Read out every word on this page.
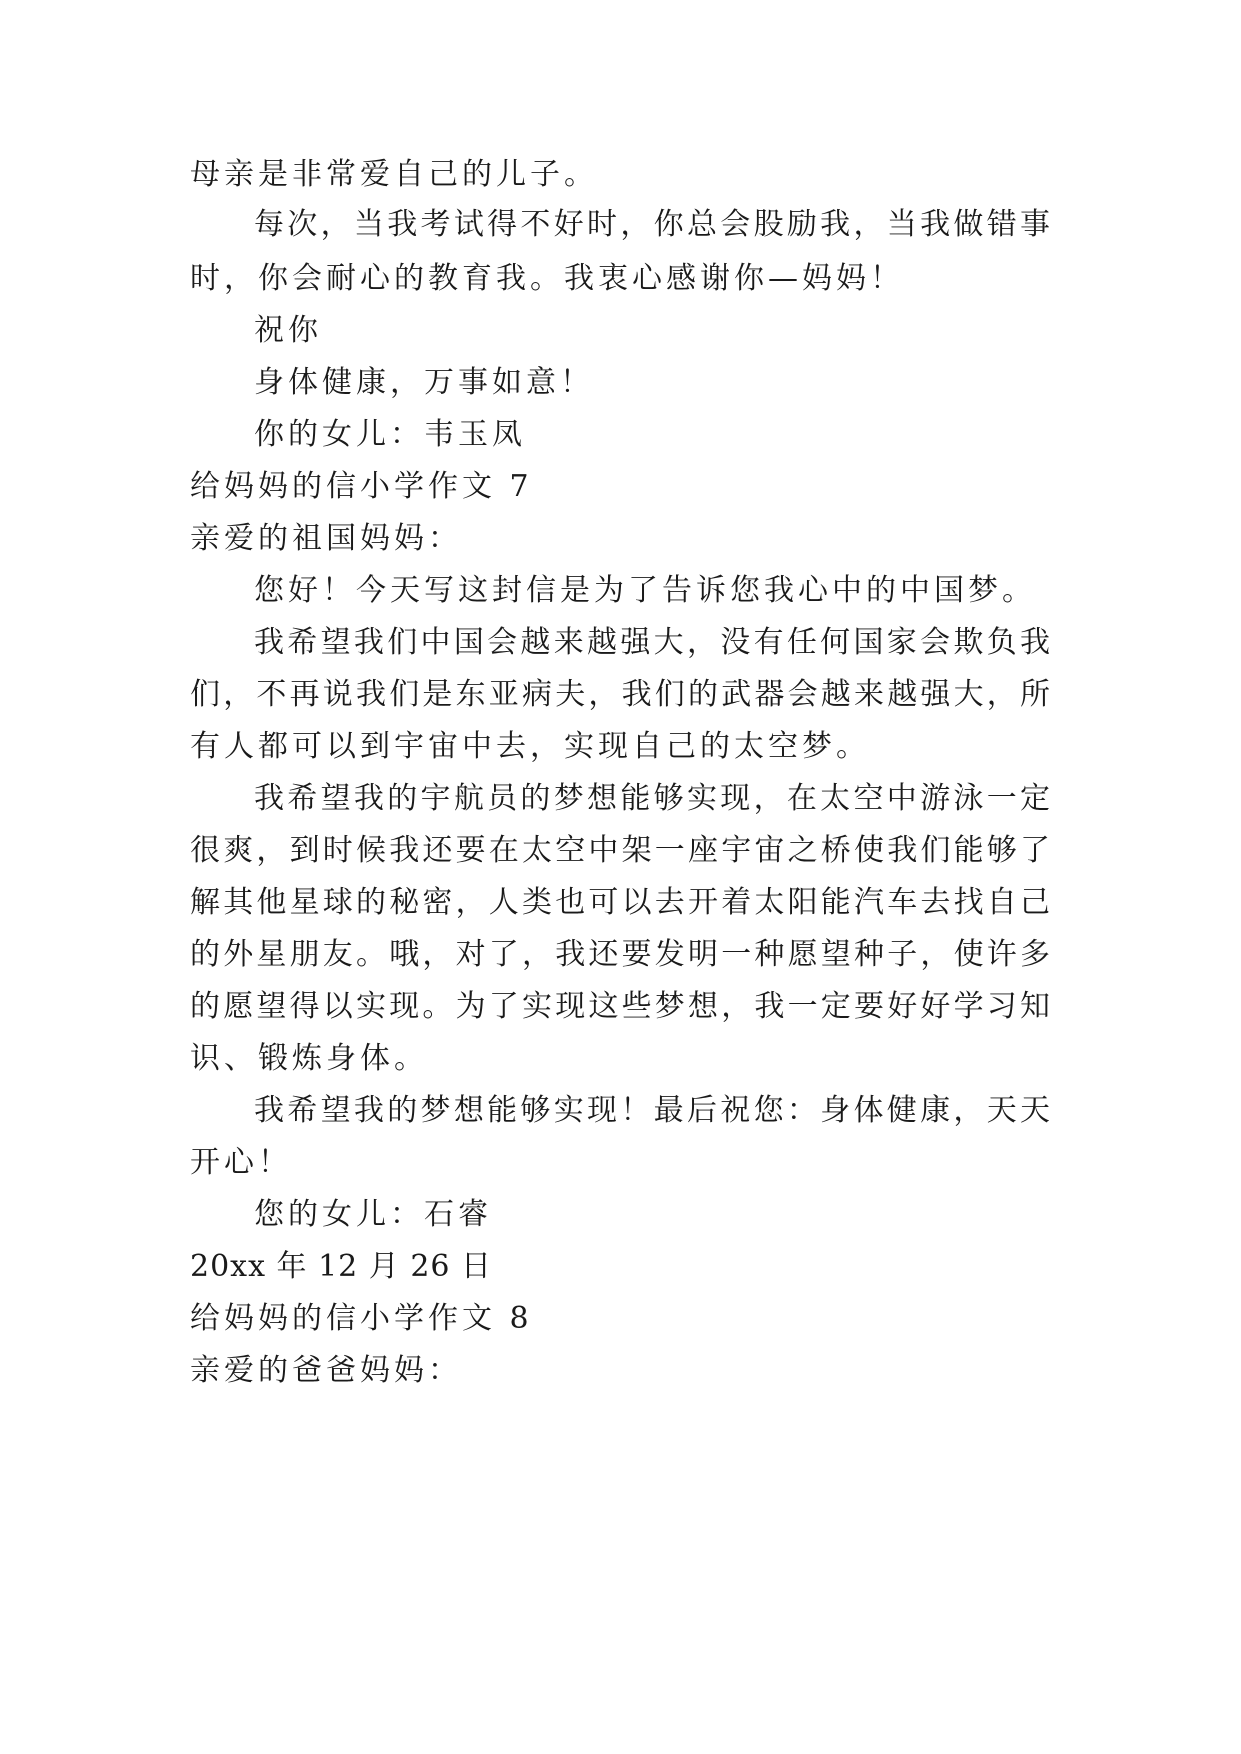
母亲是非常爱自己的儿子。
每次，当我考试得不好时，你总会股励我，当我做错事
时，你会耐心的教育我。我衷心感谢你—妈妈！
祝你
身体健康，万事如意！
你的女儿：韦玉凤
给妈妈的信小学作文 7
亲爱的祖国妈妈：
您好！今天写这封信是为了告诉您我心中的中国梦。
我希望我们中国会越来越强大，没有任何国家会欺负我
们，不再说我们是东亚病夫，我们的武器会越来越强大，所
有人都可以到宇宙中去，实现自己的太空梦。
我希望我的宇航员的梦想能够实现，在太空中游泳一定
很爽，到时候我还要在太空中架一座宇宙之桥使我们能够了
解其他星球的秘密，人类也可以去开着太阳能汽车去找自己
的外星朋友。哦，对了，我还要发明一种愿望种子，使许多
的愿望得以实现。为了实现这些梦想，我一定要好好学习知
识、锻炼身体。
我希望我的梦想能够实现！最后祝您：身体健康，天天
开心！
您的女儿：石睿
20xx 年 12 月 26 日
给妈妈的信小学作文 8
亲爱的爸爸妈妈：
